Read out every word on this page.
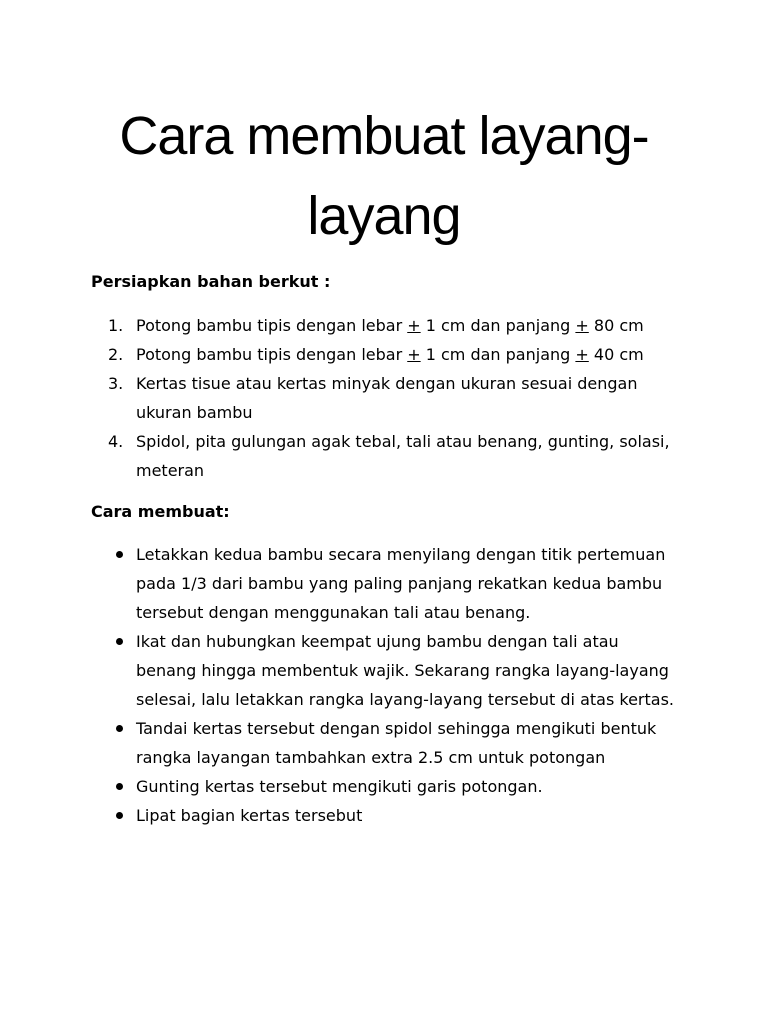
Cara membuat layang-
layang

Persiapkan bahan berkut :

1. Potong bambu tipis dengan lebar + 1 cm dan panjang + 80 cm
2. Potong bambu tipis dengan lebar + 1 cm dan panjang + 40 cm
3. Kertas tisue atau kertas minyak dengan ukuran sesuai dengan
ukuran bambu
4. Spidol, pita gulungan agak tebal, tali atau benang, gunting, solasi,
meteran

Cara membuat:

Letakkan kedua bambu secara menyilang dengan titik pertemuan
pada 1/3 dari bambu yang paling panjang rekatkan kedua bambu
tersebut dengan menggunakan tali atau benang.
Ikat dan hubungkan keempat ujung bambu dengan tali atau
benang hingga membentuk wajik. Sekarang rangka layang-layang
selesai, lalu letakkan rangka layang-layang tersebut di atas kertas.
Tandai kertas tersebut dengan spidol sehingga mengikuti bentuk
rangka layangan tambahkan extra 2.5 cm untuk potongan
Gunting kertas tersebut mengikuti garis potongan.
Lipat bagian kertas tersebut
